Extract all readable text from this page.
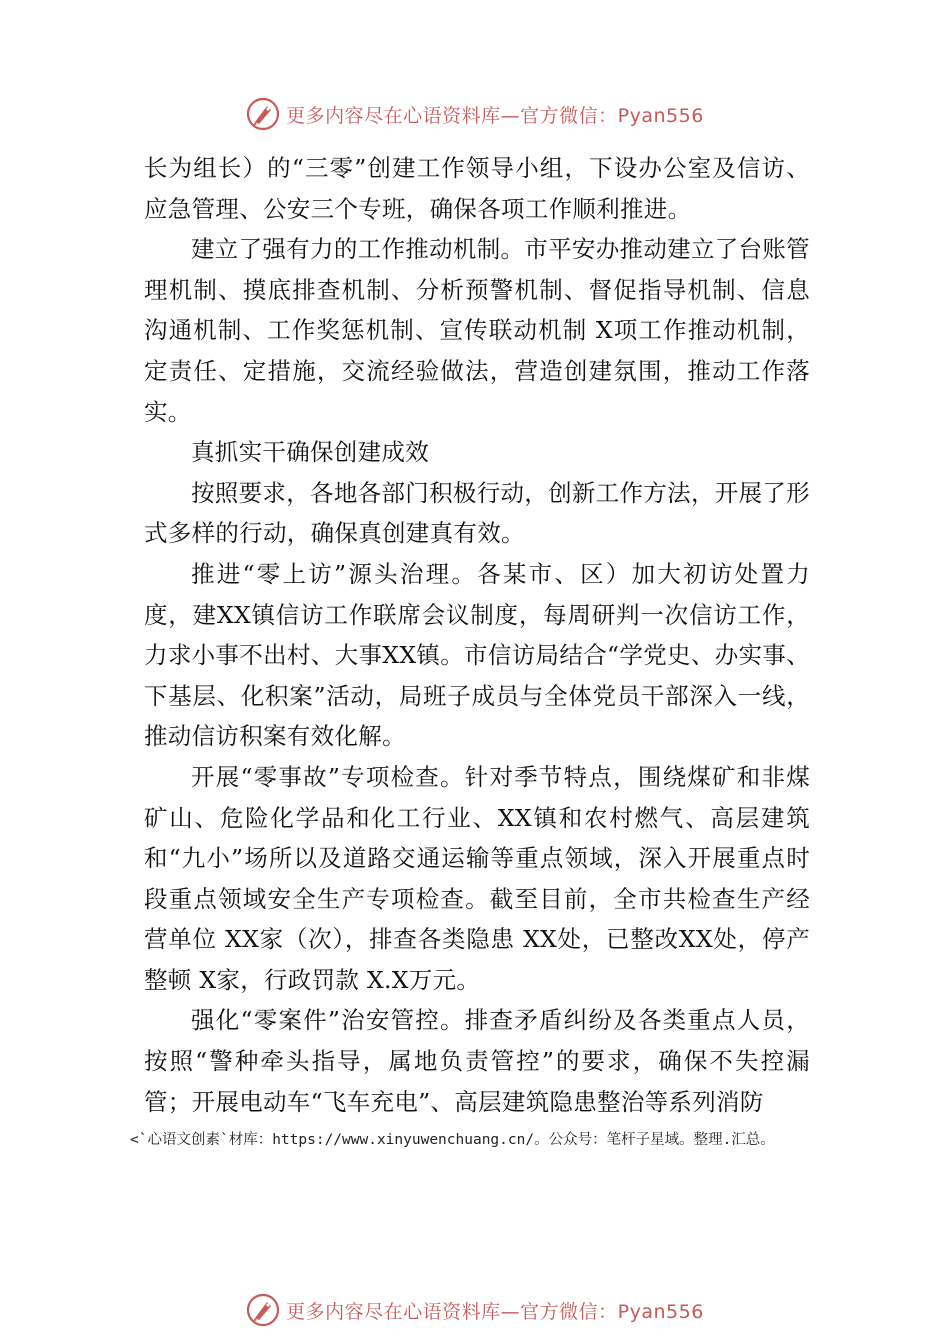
更多内容尽在心语资料库—官方微信：Pyan556

长为组长）的“三零”创建工作领导小组，下设办公室及信访、应急管理、公安三个专班，确保各项工作顺利推进。

建立了强有力的工作推动机制。市平安办推动建立了台账管理机制、摸底排查机制、分析预警机制、督促指导机制、信息沟通机制、工作奖惩机制、宣传联动机制 X项工作推动机制，定责任、定措施，交流经验做法，营造创建氛围，推动工作落实。

真抓实干确保创建成效

按照要求，各地各部门积极行动，创新工作方法，开展了形式多样的行动，确保真创建真有效。

推进“零上访”源头治理。各某市、区）加大初访处置力度，建XX镇信访工作联席会议制度，每周研判一次信访工作，力求小事不出村、大事XX镇。市信访局结合“学党史、办实事、下基层、化积案”活动，局班子成员与全体党员干部深入一线，推动信访积案有效化解。

开展“零事故”专项检查。针对季节特点，围绕煤矿和非煤矿山、危险化学品和化工行业、XX镇和农村燃气、高层建筑和“九小”场所以及道路交通运输等重点领域，深入开展重点时段重点领域安全生产专项检查。截至目前，全市共检查生产经营单位 XX家（次），排查各类隐患 XX处，已整改XX处，停产整顿 X家，行政罚款 X.X万元。

强化“零案件”治安管控。排查矛盾纠纷及各类重点人员，按照“警种牵头指导，属地负责管控”的要求，确保不失控漏管；开展电动车“飞车充电”、高层建筑隐患整治等系列消防

<`心语文创素`材库：https://www.xinyuwenchuang.cn/。公众号：笔杆子星域。整理.汇总。
更多内容尽在心语资料库—官方微信：Pyan556
